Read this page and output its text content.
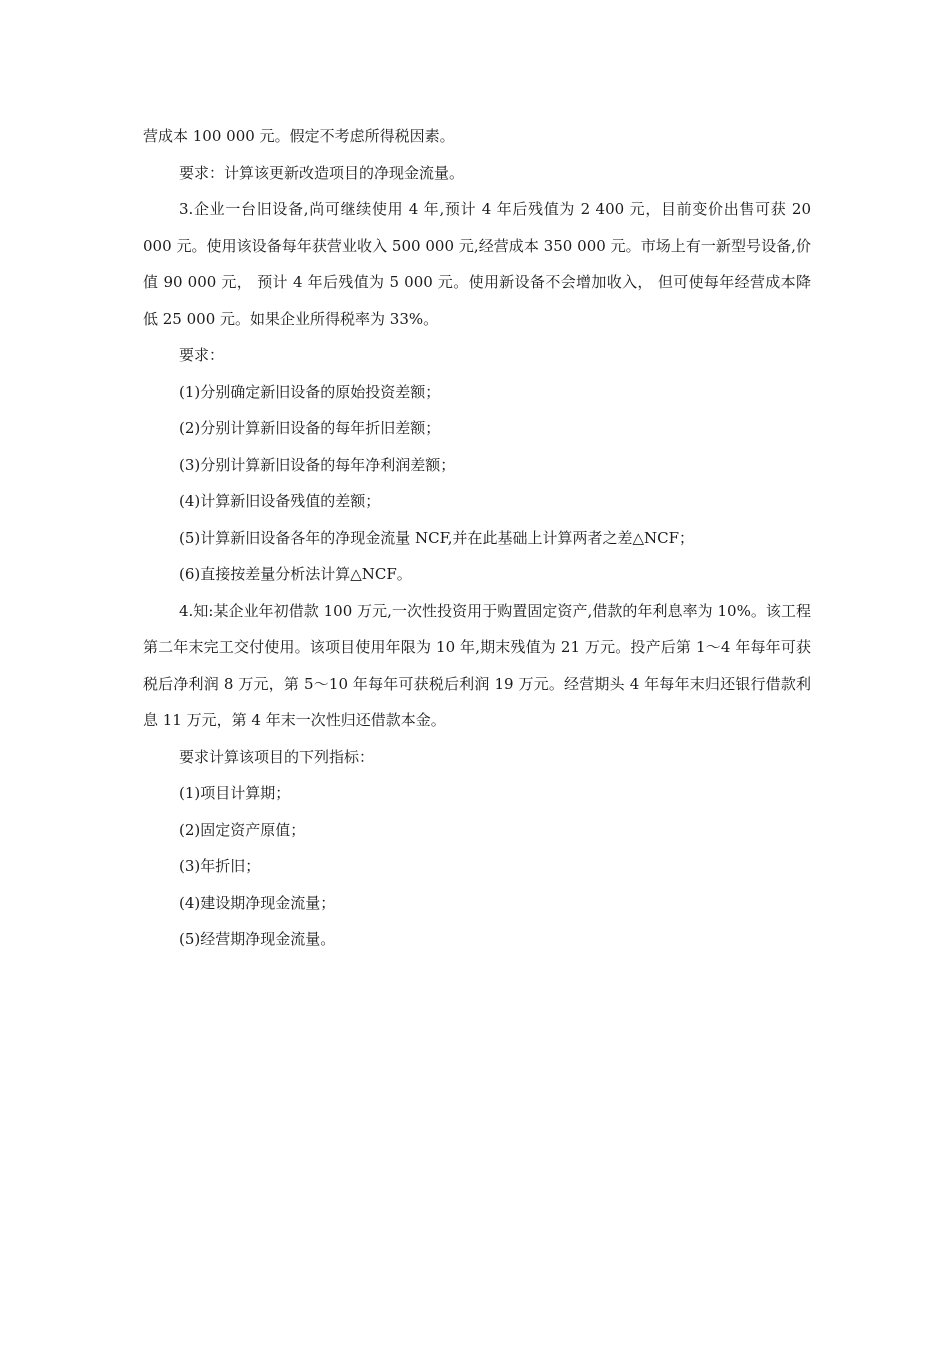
营成本 100 000 元。假定不考虑所得税因素。

要求：计算该更新改造项目的净现金流量。

3.企业一台旧设备,尚可继续使用 4 年,预计 4 年后残值为 2 400 元，目前变价出售可获 20 000 元。使用该设备每年获营业收入 500 000 元,经营成本 350 000 元。市场上有一新型号设备,价值 90 000 元， 预计 4 年后残值为 5 000 元。使用新设备不会增加收入， 但可使每年经营成本降低 25 000 元。如果企业所得税率为 33%。

要求：

(1)分别确定新旧设备的原始投资差额；

(2)分别计算新旧设备的每年折旧差额；

(3)分别计算新旧设备的每年净利润差额；

(4)计算新旧设备残值的差额；

(5)计算新旧设备各年的净现金流量 NCF,并在此基础上计算两者之差△NCF；

(6)直接按差量分析法计算△NCF。

4.知:某企业年初借款 100 万元,一次性投资用于购置固定资产,借款的年利息率为 10%。该工程第二年末完工交付使用。该项目使用年限为 10 年,期末残值为 21 万元。投产后第 1～4 年每年可获税后净利润 8 万元，第 5～10 年每年可获税后利润 19 万元。经营期头 4 年每年末归还银行借款利息 11 万元，第 4 年末一次性归还借款本金。

要求计算该项目的下列指标：

(1)项目计算期；

(2)固定资产原值；

(3)年折旧；

(4)建设期净现金流量；

(5)经营期净现金流量。
